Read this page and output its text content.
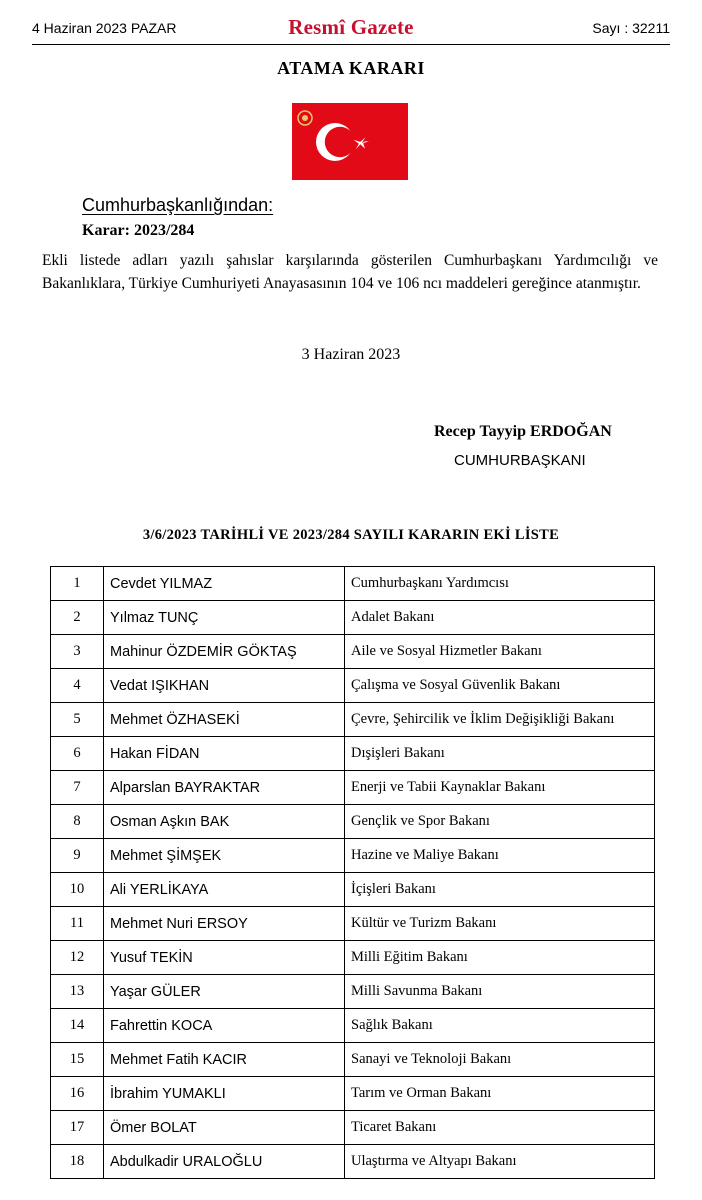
4 Haziran 2023 PAZAR	Resmî Gazete	Sayı : 32211
ATAMA KARARI
Cumhurbaşkanlığından:
Karar: 2023/284
Ekli listede adları yazılı şahıslar karşılarında gösterilen Cumhurbaşkanı Yardımcılığı ve Bakanlıklara, Türkiye Cumhuriyeti Anayasasının 104 ve 106 ncı maddeleri gereğince atanmıştır.
3 Haziran 2023
Recep Tayyip ERDOĞAN
CUMHURBAŞKANI
3/6/2023 TARİHLİ VE 2023/284 SAYILI KARARIN EKİ LİSTE
1	Cevdet YILMAZ	Cumhurbaşkanı Yardımcısı
2	Yılmaz TUNÇ	Adalet Bakanı
3	Mahinur ÖZDEMİR GÖKTAŞ	Aile ve Sosyal Hizmetler Bakanı
4	Vedat IŞIKHAN	Çalışma ve Sosyal Güvenlik Bakanı
5	Mehmet ÖZHASEKİ	Çevre, Şehircilik ve İklim Değişikliği Bakanı
6	Hakan FİDAN	Dışişleri Bakanı
7	Alparslan BAYRAKTAR	Enerji ve Tabii Kaynaklar Bakanı
8	Osman Aşkın BAK	Gençlik ve Spor Bakanı
9	Mehmet ŞİMŞEK	Hazine ve Maliye Bakanı
10	Ali YERLİKAYA	İçişleri Bakanı
11	Mehmet Nuri ERSOY	Kültür ve Turizm Bakanı
12	Yusuf TEKİN	Milli Eğitim Bakanı
13	Yaşar GÜLER	Milli Savunma Bakanı
14	Fahrettin KOCA	Sağlık Bakanı
15	Mehmet Fatih KACIR	Sanayi ve Teknoloji Bakanı
16	İbrahim YUMAKLI	Tarım ve Orman Bakanı
17	Ömer BOLAT	Ticaret Bakanı
18	Abdulkadir URALOĞLU	Ulaştırma ve Altyapı Bakanı
